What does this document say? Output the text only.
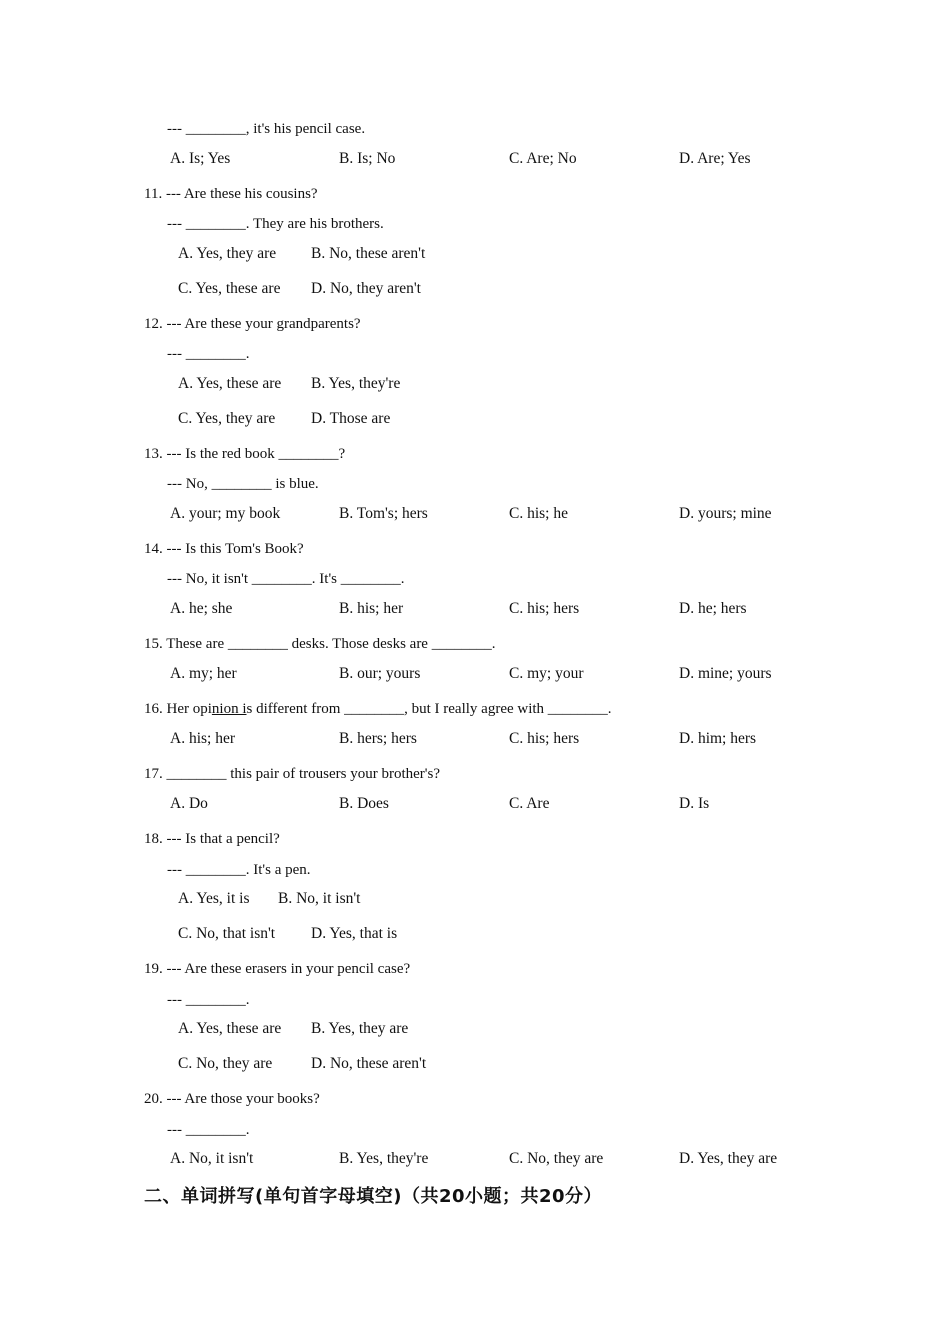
--- ________, it's his pencil case.
A. Is; Yes	B. Is; No	C. Are; No	D. Are; Yes
11. --- Are these his cousins?
--- ________. They are his brothers.
A. Yes, they are B. No, these aren't
C. Yes, these are D. No, they aren't
12. --- Are these your grandparents?
--- ________.
A. Yes, these are B. Yes, they're
C. Yes, they are D. Those are
13. --- Is the red book ________?
--- No, ________ is blue.
A. your; my book	B. Tom's; hers	C. his; he	D. yours; mine
14. --- Is this Tom's Book?
--- No, it isn't ________. It's ________.
A. he; she	B. his; her	C. his; hers	D. he; hers
15. These are ________ desks. Those desks are ________.
A. my; her	B. our; yours	C. my; your	D. mine; yours
16. Her opinion is different from ________, but I really agree with ________.
A. his; her	B. hers; hers	C. his; hers	D. him; hers
17. ________ this pair of trousers your brother's?
A. Do	B. Does	C. Are	D. Is
18. --- Is that a pencil?
--- ________. It's a pen.
A. Yes, it is B. No, it isn't
C. No, that isn't D. Yes, that is
19. --- Are these erasers in your pencil case?
--- ________.
A. Yes, these are B. Yes, they are
C. No, they are D. No, these aren't
20. --- Are those your books?
--- ________.
A. No, it isn't	B. Yes, they're	C. No, they are	D. Yes, they are
二、单词拼写(单句首字母填空)（共20小题；共20分）
